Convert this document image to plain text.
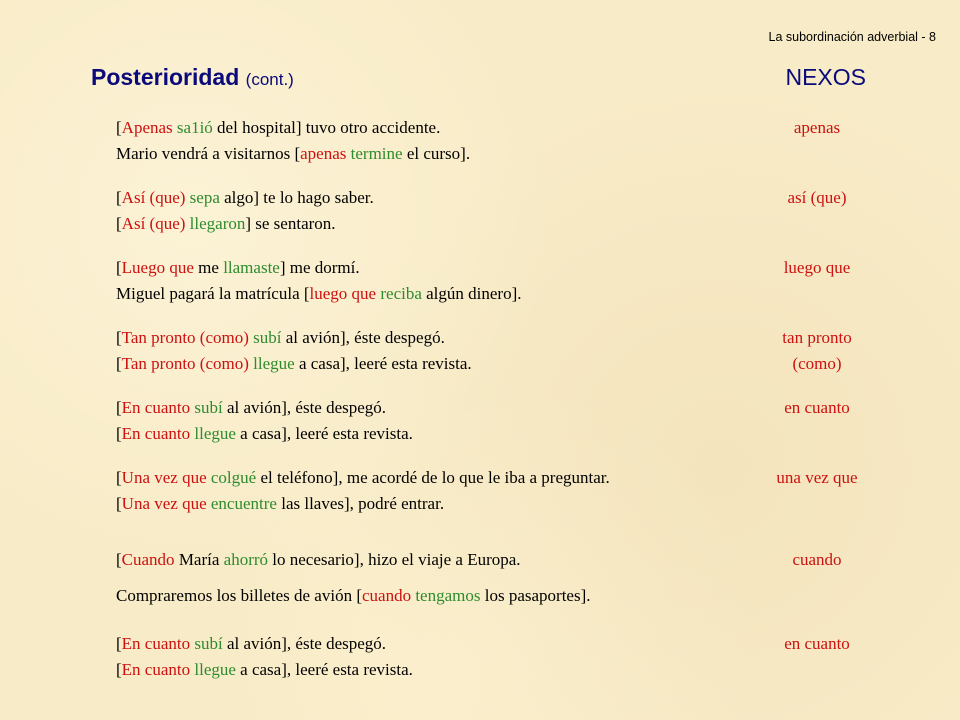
La subordinación adverbial - 8
Posterioridad (cont.)	NEXOS
[Apenas sa1ió del hospital] tuvo otro accidente.
Mario vendrá a visitarnos [apenas termine el curso].
apenas
[Así (que) sepa algo] te lo hago saber.
[Así (que) llegaron] se sentaron.
así (que)
[Luego que me llamaste] me dormí.
Miguel pagará la matrícula [luego que reciba algún dinero].
luego que
[Tan pronto (como) subí al avión], éste despegó.
[Tan pronto (como) llegue a casa], leeré esta revista.
tan pronto
(como)
[En cuanto subí al avión], éste despegó.
[En cuanto llegue a casa], leeré esta revista.
en cuanto
[Una vez que colgué el teléfono], me acordé de lo que le iba a preguntar.
[Una vez que encuentre las llaves], podré entrar.
una vez que
[Cuando María ahorró lo necesario], hizo el viaje a Europa.
Compraremos los billetes de avión [cuando tengamos los pasaportes].
cuando
[En cuanto subí al avión], éste despegó.
[En cuanto llegue a casa], leeré esta revista.
en cuanto
